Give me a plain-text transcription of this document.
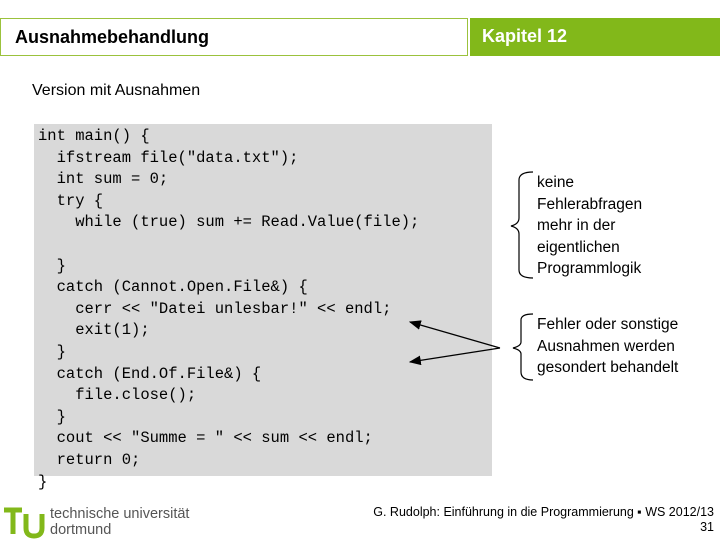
Ausnahmebehandlung	Kapitel 12
Version mit Ausnahmen
int main() {
ifstream file("data.txt");
int sum = 0;
try {
while (true) sum += Read.Value(file);

}
catch (Cannot.Open.File&) {
cerr << "Datei unlesbar!" << endl;
exit(1);
}
catch (End.Of.File&) {
file.close();
}
cout << "Summe = " << sum << endl;
return 0;
}
keine
Fehlerabfragen
mehr in der
eigentlichen
Programmlogik
Fehler oder sonstige
Ausnahmen werden
gesondert behandelt
technische universität
dortmund
G. Rudolph: Einführung in die Programmierung ▪ WS 2012/13
31
